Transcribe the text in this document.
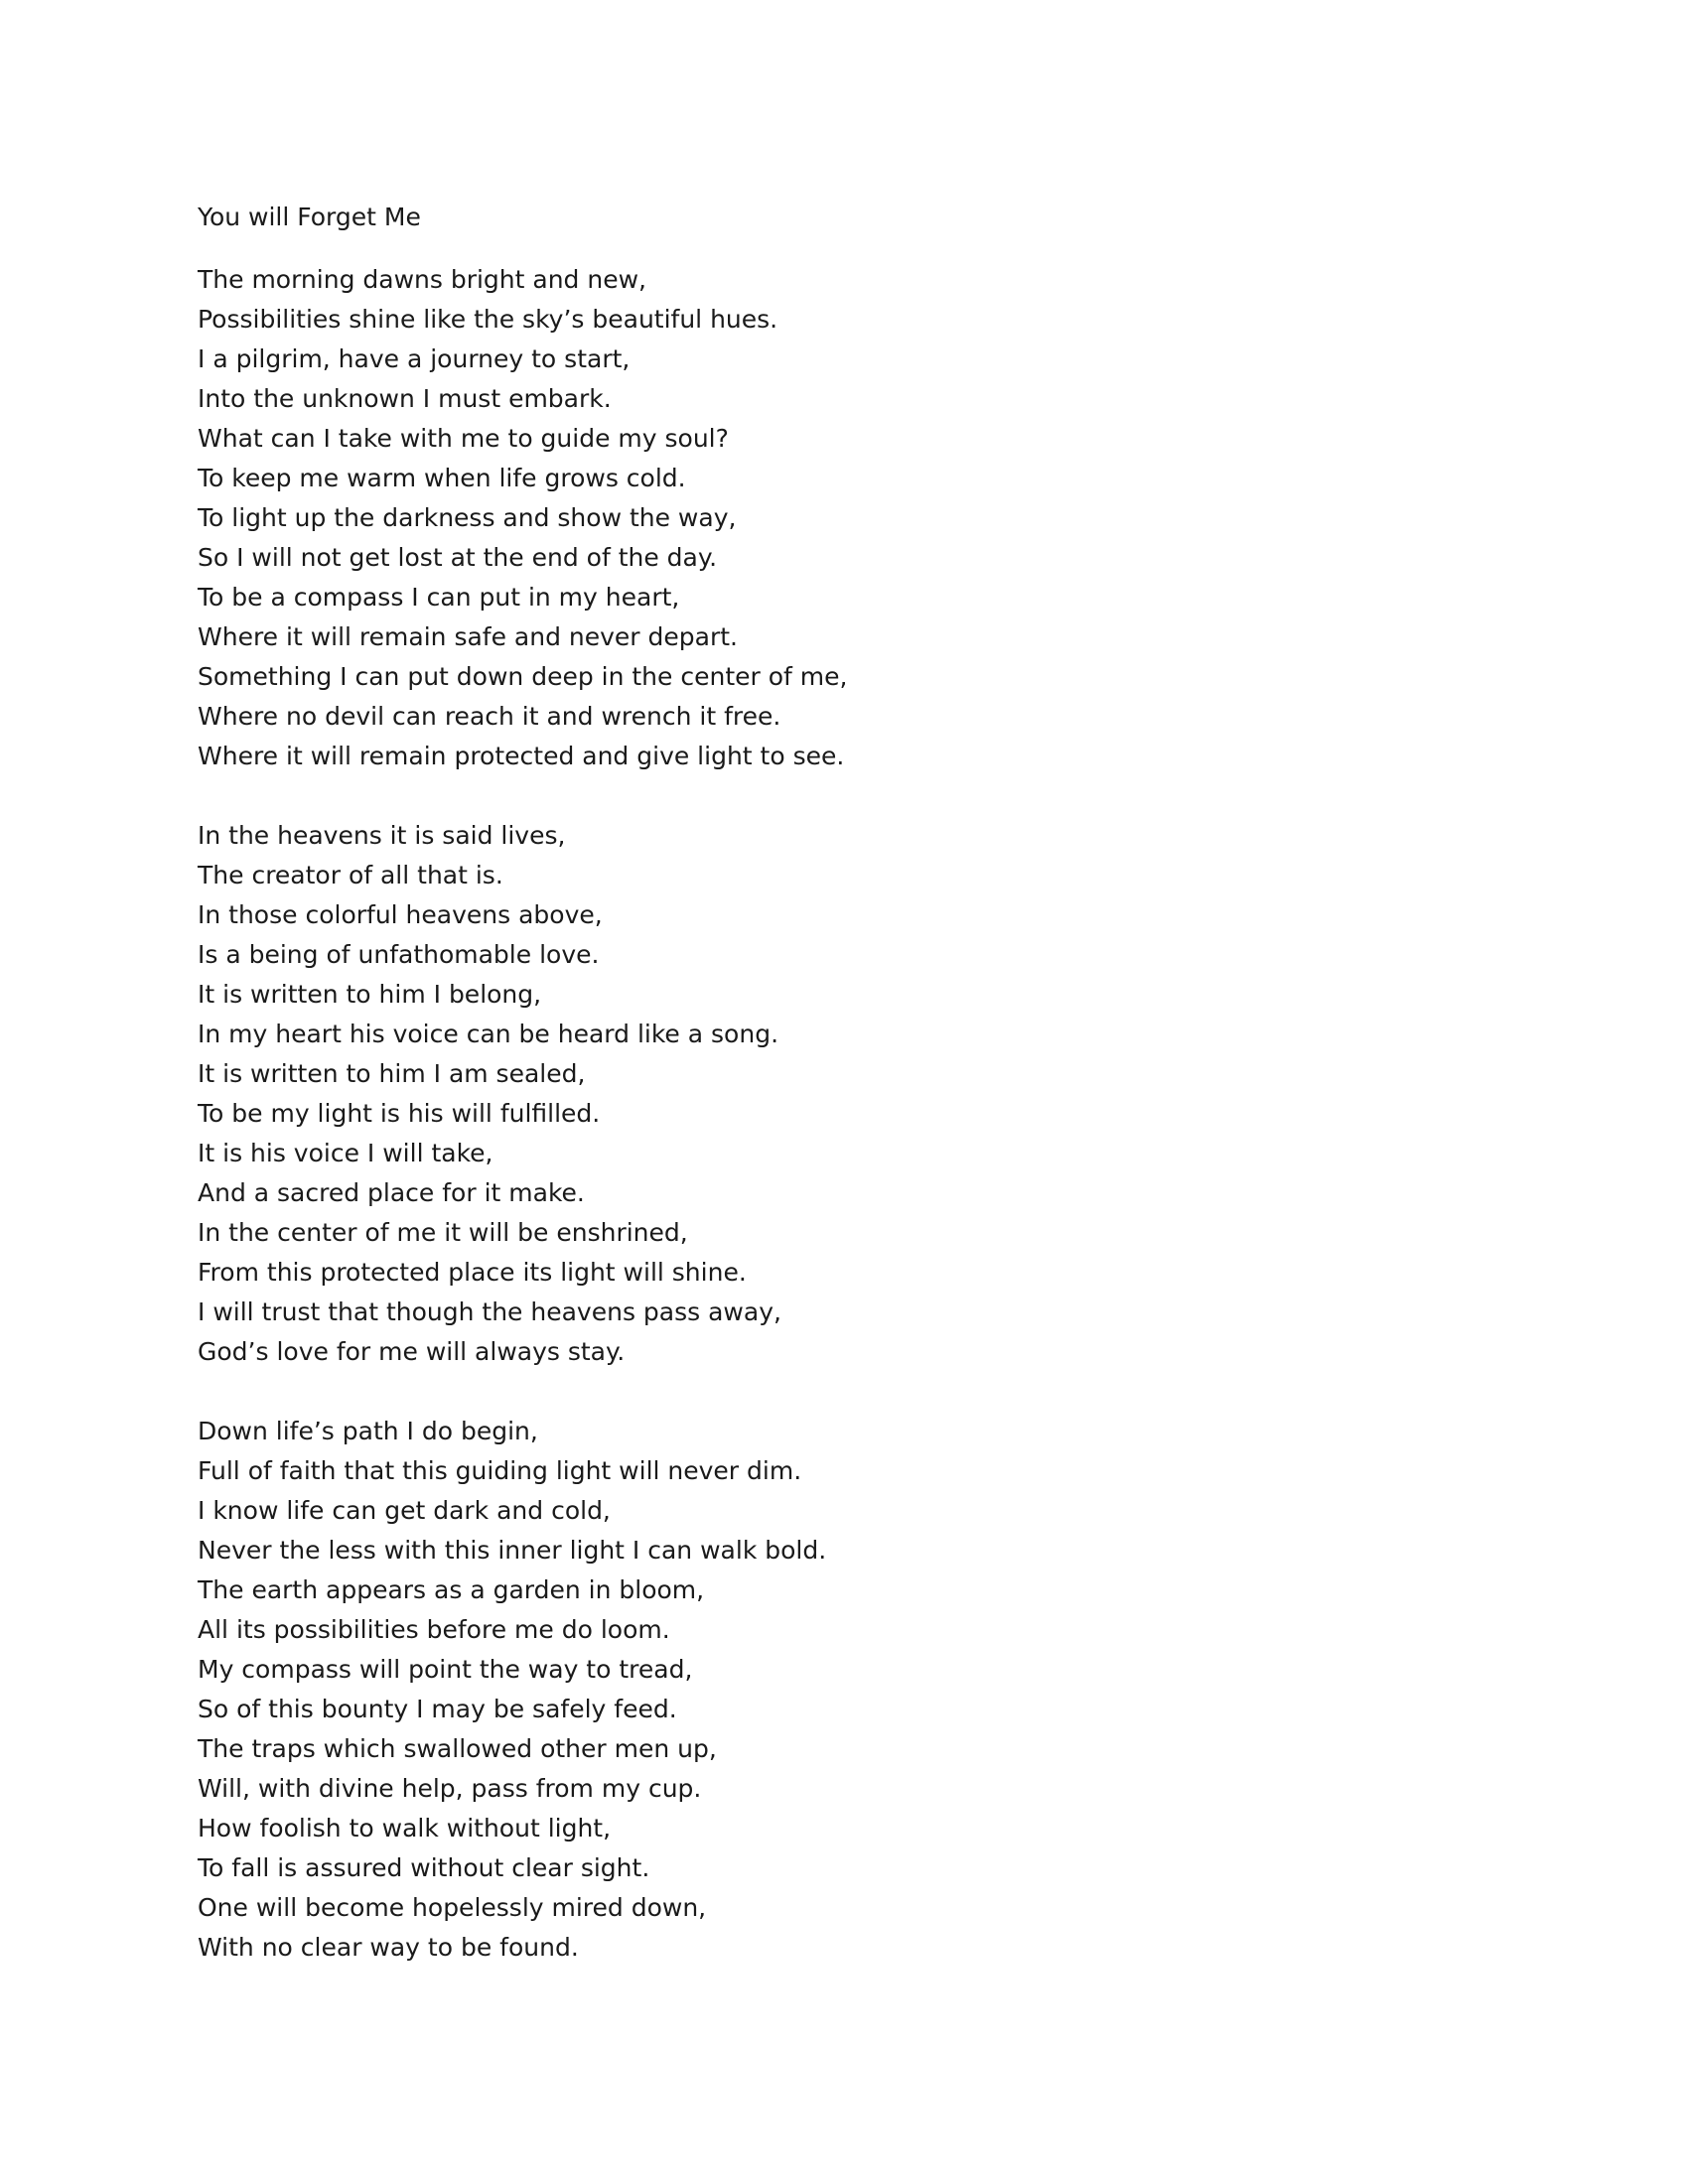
You will Forget Me
The morning dawns bright and new,
Possibilities shine like the sky’s beautiful hues.
I a pilgrim, have a journey to start,
Into the unknown I must embark.
What can I take with me to guide my soul?
To keep me warm when life grows cold.
To light up the darkness and show the way,
So I will not get lost at the end of the day.
To be a compass I can put in my heart,
Where it will remain safe and never depart.
Something I can put down deep in the center of me,
Where no devil can reach it and wrench it free.
Where it will remain protected and give light to see.
In the heavens it is said lives,
The creator of all that is.
In those colorful heavens above,
Is a being of unfathomable love.
It is written to him I belong,
In my heart his voice can be heard like a song.
It is written to him I am sealed,
To be my light is his will fulfilled.
It is his voice I will take,
And a sacred place for it make.
In the center of me it will be enshrined,
From this protected place its light will shine.
I will trust that though the heavens pass away,
God’s love for me will always stay.
Down life’s path I do begin,
Full of faith that this guiding light will never dim.
I know life can get dark and cold,
Never the less with this inner light I can walk bold.
The earth appears as a garden in bloom,
All its possibilities before me do loom.
My compass will point the way to tread,
So of this bounty I may be safely feed.
The traps which swallowed other men up,
Will, with divine help, pass from my cup.
How foolish to walk without light,
To fall is assured without clear sight.
One will become hopelessly mired down,
With no clear way to be found.
